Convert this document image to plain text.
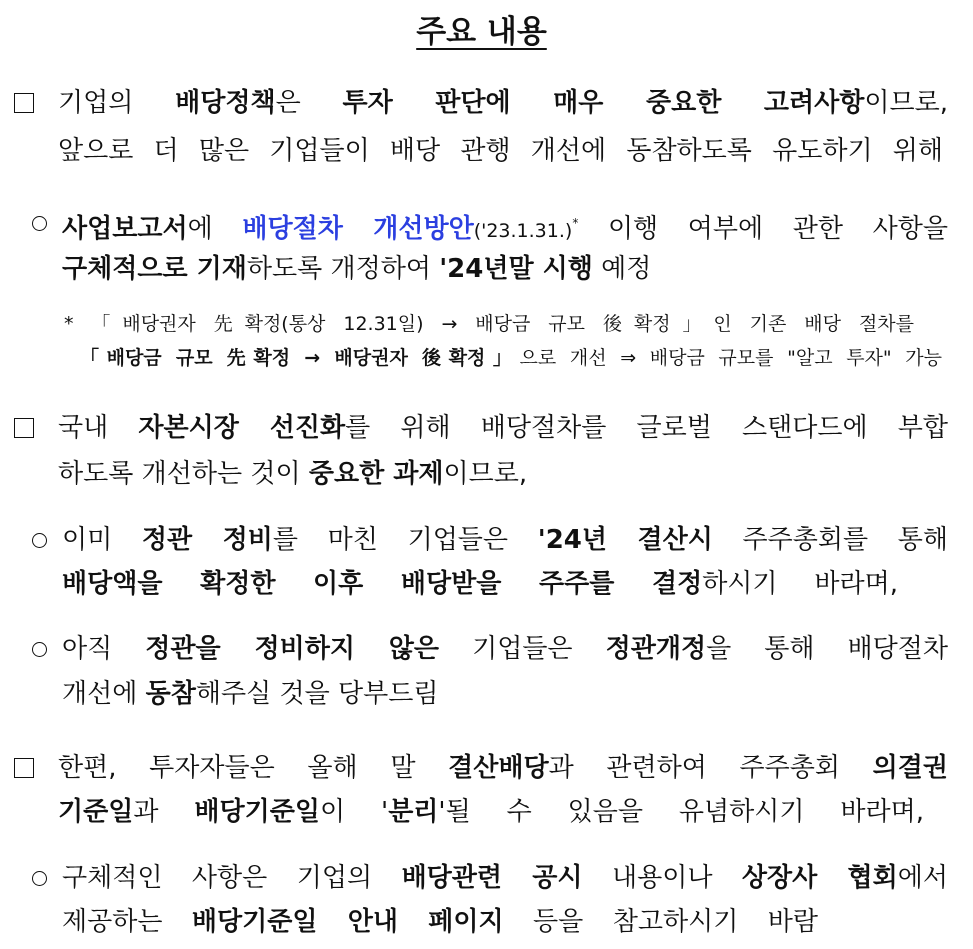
주요 내용
기업의 배당정책은 투자 판단에 매우 중요한 고려사항이므로,
앞으로 더 많은 기업들이 배당 관행 개선에 동참하도록 유도하기 위해
사업보고서에 배당절차 개선방안('23.1.31.)* 이행 여부에 관한 사항을
구체적으로 기재하도록 개정하여 '24년말 시행 예정
* 「배당권자 先확정(통상 12.31일) → 배당금 규모 後확정」인 기존 배당 절차를
「배당금 규모 先확정 → 배당권자 後확정」으로 개선 ⇒ 배당금 규모를 "알고 투자" 가능
국내 자본시장 선진화를 위해 배당절차를 글로벌 스탠다드에 부합
하도록 개선하는 것이 중요한 과제이므로,
이미 정관 정비를 마친 기업들은 '24년 결산시 주주총회를 통해
배당액을 확정한 이후 배당받을 주주를 결정하시기 바라며,
아직 정관을 정비하지 않은 기업들은 정관개정을 통해 배당절차
개선에 동참해주실 것을 당부드림
한편, 투자자들은 올해 말 결산배당과 관련하여 주주총회 의결권
기준일과 배당기준일이 '분리'될 수 있음을 유념하시기 바라며,
구체적인 사항은 기업의 배당관련 공시 내용이나 상장사 협회에서
제공하는 배당기준일 안내 페이지 등을 참고하시기 바람
